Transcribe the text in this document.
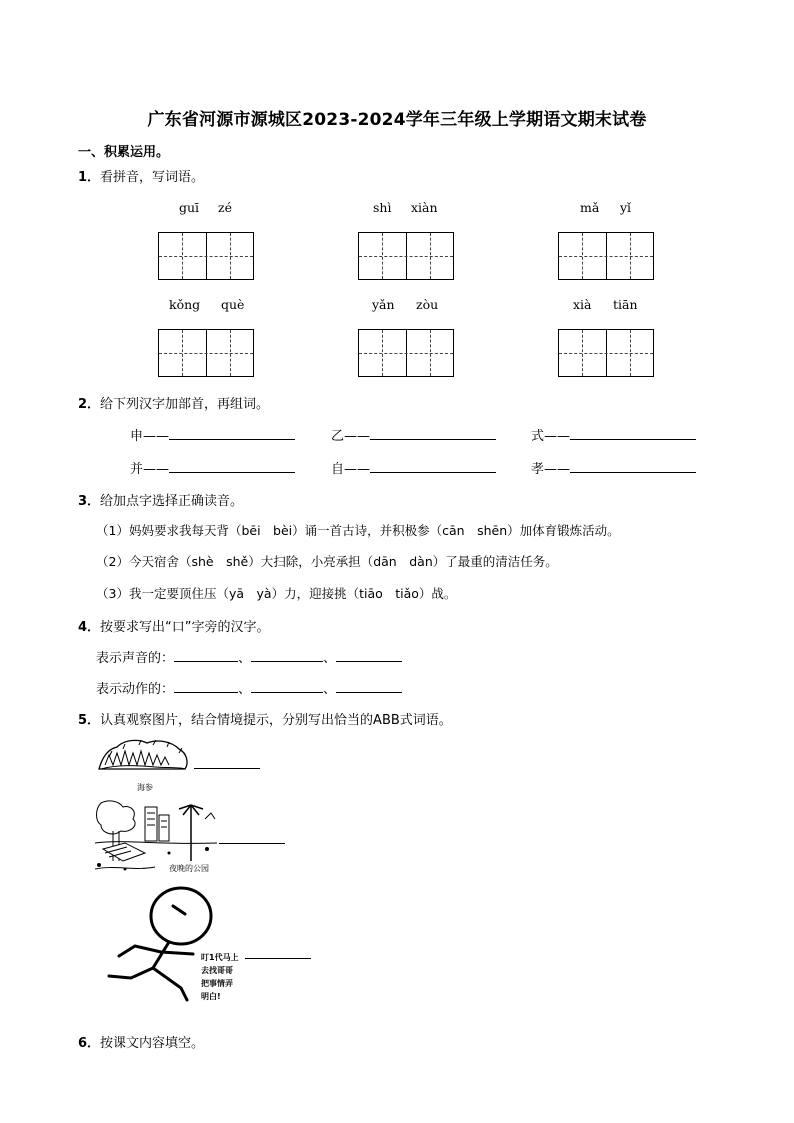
广东省河源市源城区2023-2024学年三年级上学期语文期末试卷
一、积累运用。
1．看拼音，写词语。
guī zé	shì xiàn	mǎ yǐ
kǒng què	yǎn zòu	xià tiān
2．给下列汉字加部首，再组词。
申——	乙——	式——
并——	自——	孝——
3．给加点字选择正确读音。
（1）妈妈要求我每天背（bēi　bèi）诵一首古诗，并积极参（cān　shēn）加体育锻炼活动。
（2）今天宿舍（shè　shě）大扫除，小亮承担（dān　dàn）了最重的清洁任务。
（3）我一定要顶住压（yā　yà）力，迎接挑（tiāo　tiǎo）战。
4．按要求写出“口”字旁的汉字。
表示声音的：	、	、
表示动作的：	、	、
5．认真观察图片，结合情境提示，分别写出恰当的ABB式词语。
海参
夜晚的公园
叮1代马上
去找哥哥
把事情弄
明白!
6．按课文内容填空。
